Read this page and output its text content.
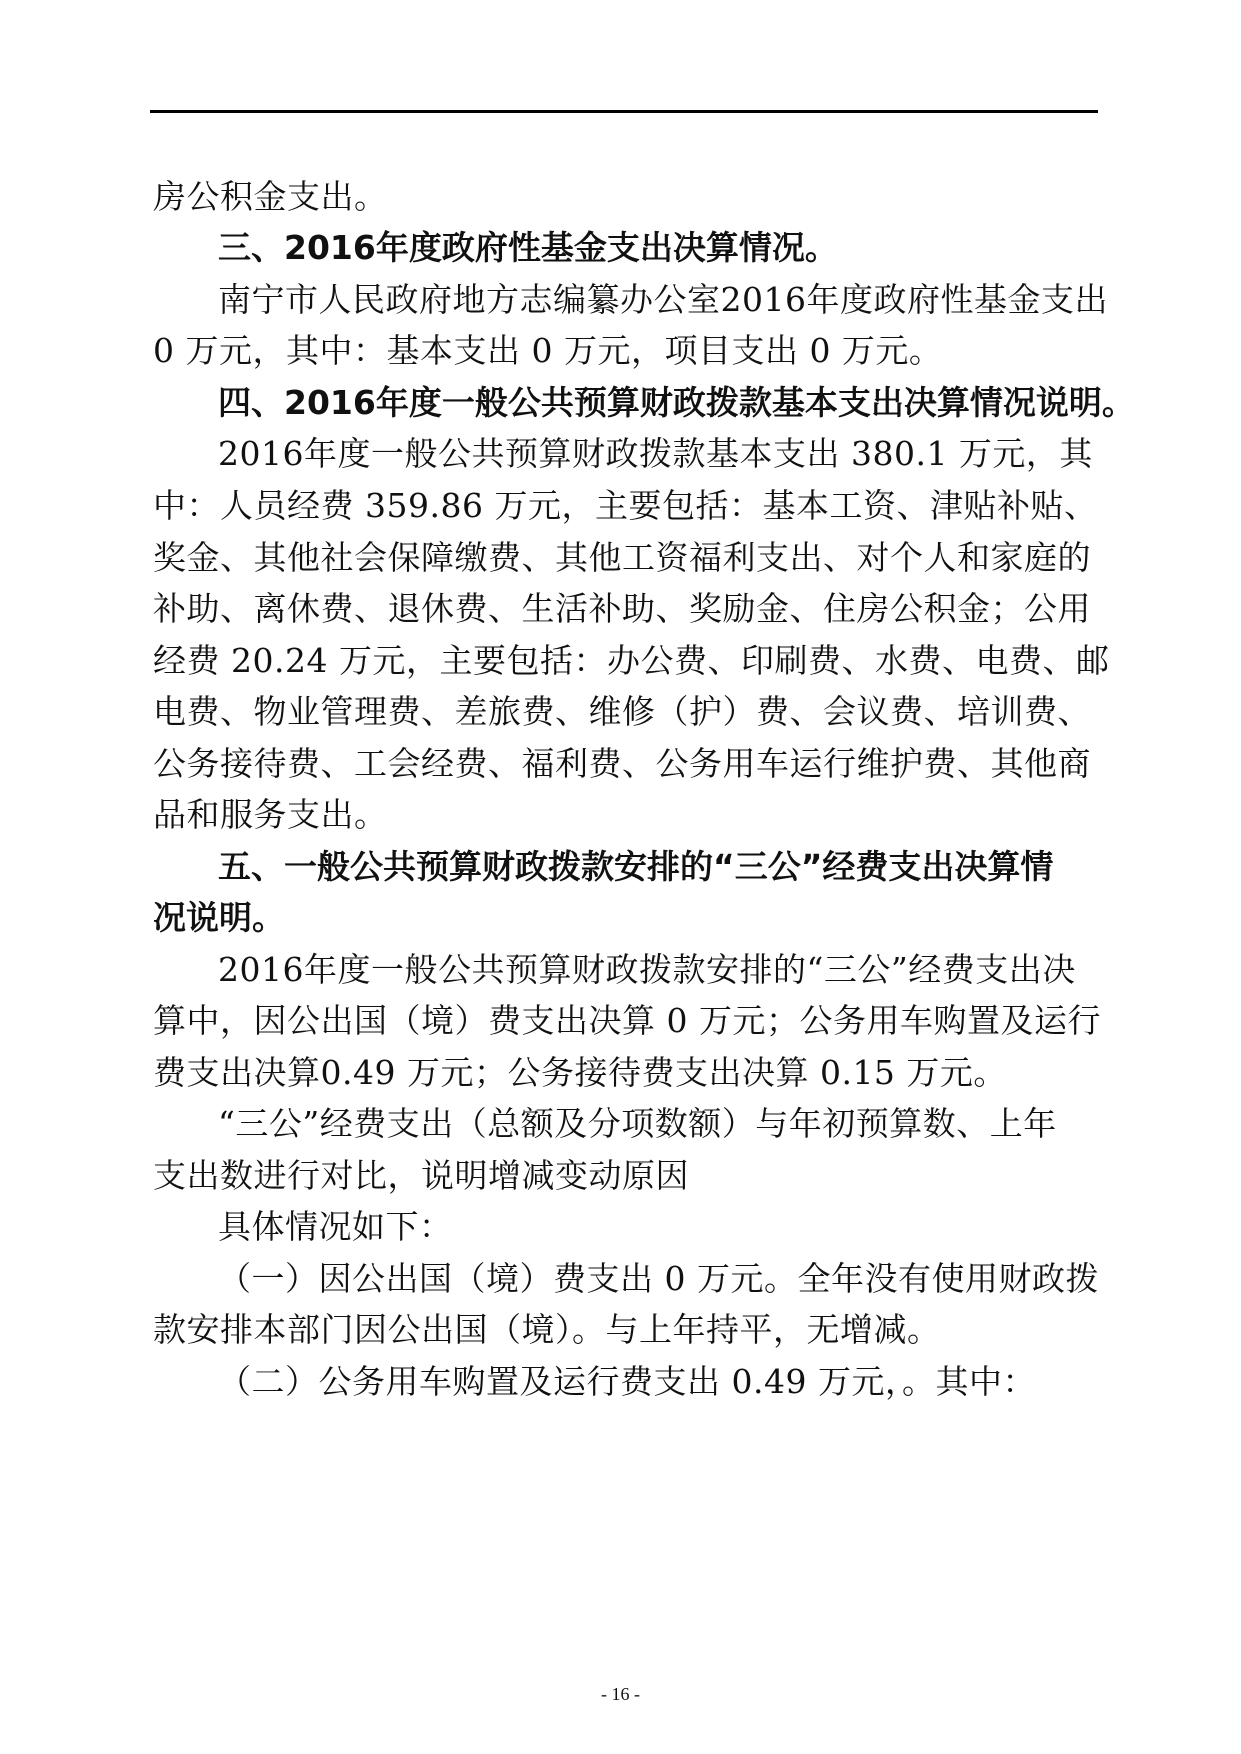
房公积金支出。
三、2016年度政府性基金支出决算情况。
南宁市人民政府地方志编纂办公室2016年度政府性基金支出
0 万元，其中：基本支出 0 万元，项目支出 0 万元。
四、2016年度一般公共预算财政拨款基本支出决算情况说明。
2016年度一般公共预算财政拨款基本支出 380.1 万元，其
中：人员经费 359.86 万元，主要包括：基本工资、津贴补贴、
奖金、其他社会保障缴费、其他工资福利支出、对个人和家庭的
补助、离休费、退休费、生活补助、奖励金、住房公积金；公用
经费 20.24 万元，主要包括：办公费、印刷费、水费、电费、邮
电费、物业管理费、差旅费、维修（护）费、会议费、培训费、
公务接待费、工会经费、福利费、公务用车运行维护费、其他商
品和服务支出。
五、一般公共预算财政拨款安排的“三公”经费支出决算情
况说明。
2016年度一般公共预算财政拨款安排的“三公”经费支出决
算中，因公出国（境）费支出决算 0 万元；公务用车购置及运行
费支出决算0.49 万元；公务接待费支出决算 0.15 万元。
“三公”经费支出（总额及分项数额）与年初预算数、上年
支出数进行对比，说明增减变动原因
具体情况如下：
（一）因公出国（境）费支出 0 万元。全年没有使用财政拨
款安排本部门因公出国（境）。与上年持平，无增减。
（二）公务用车购置及运行费支出 0.49 万元，。其中：
- 16 -
